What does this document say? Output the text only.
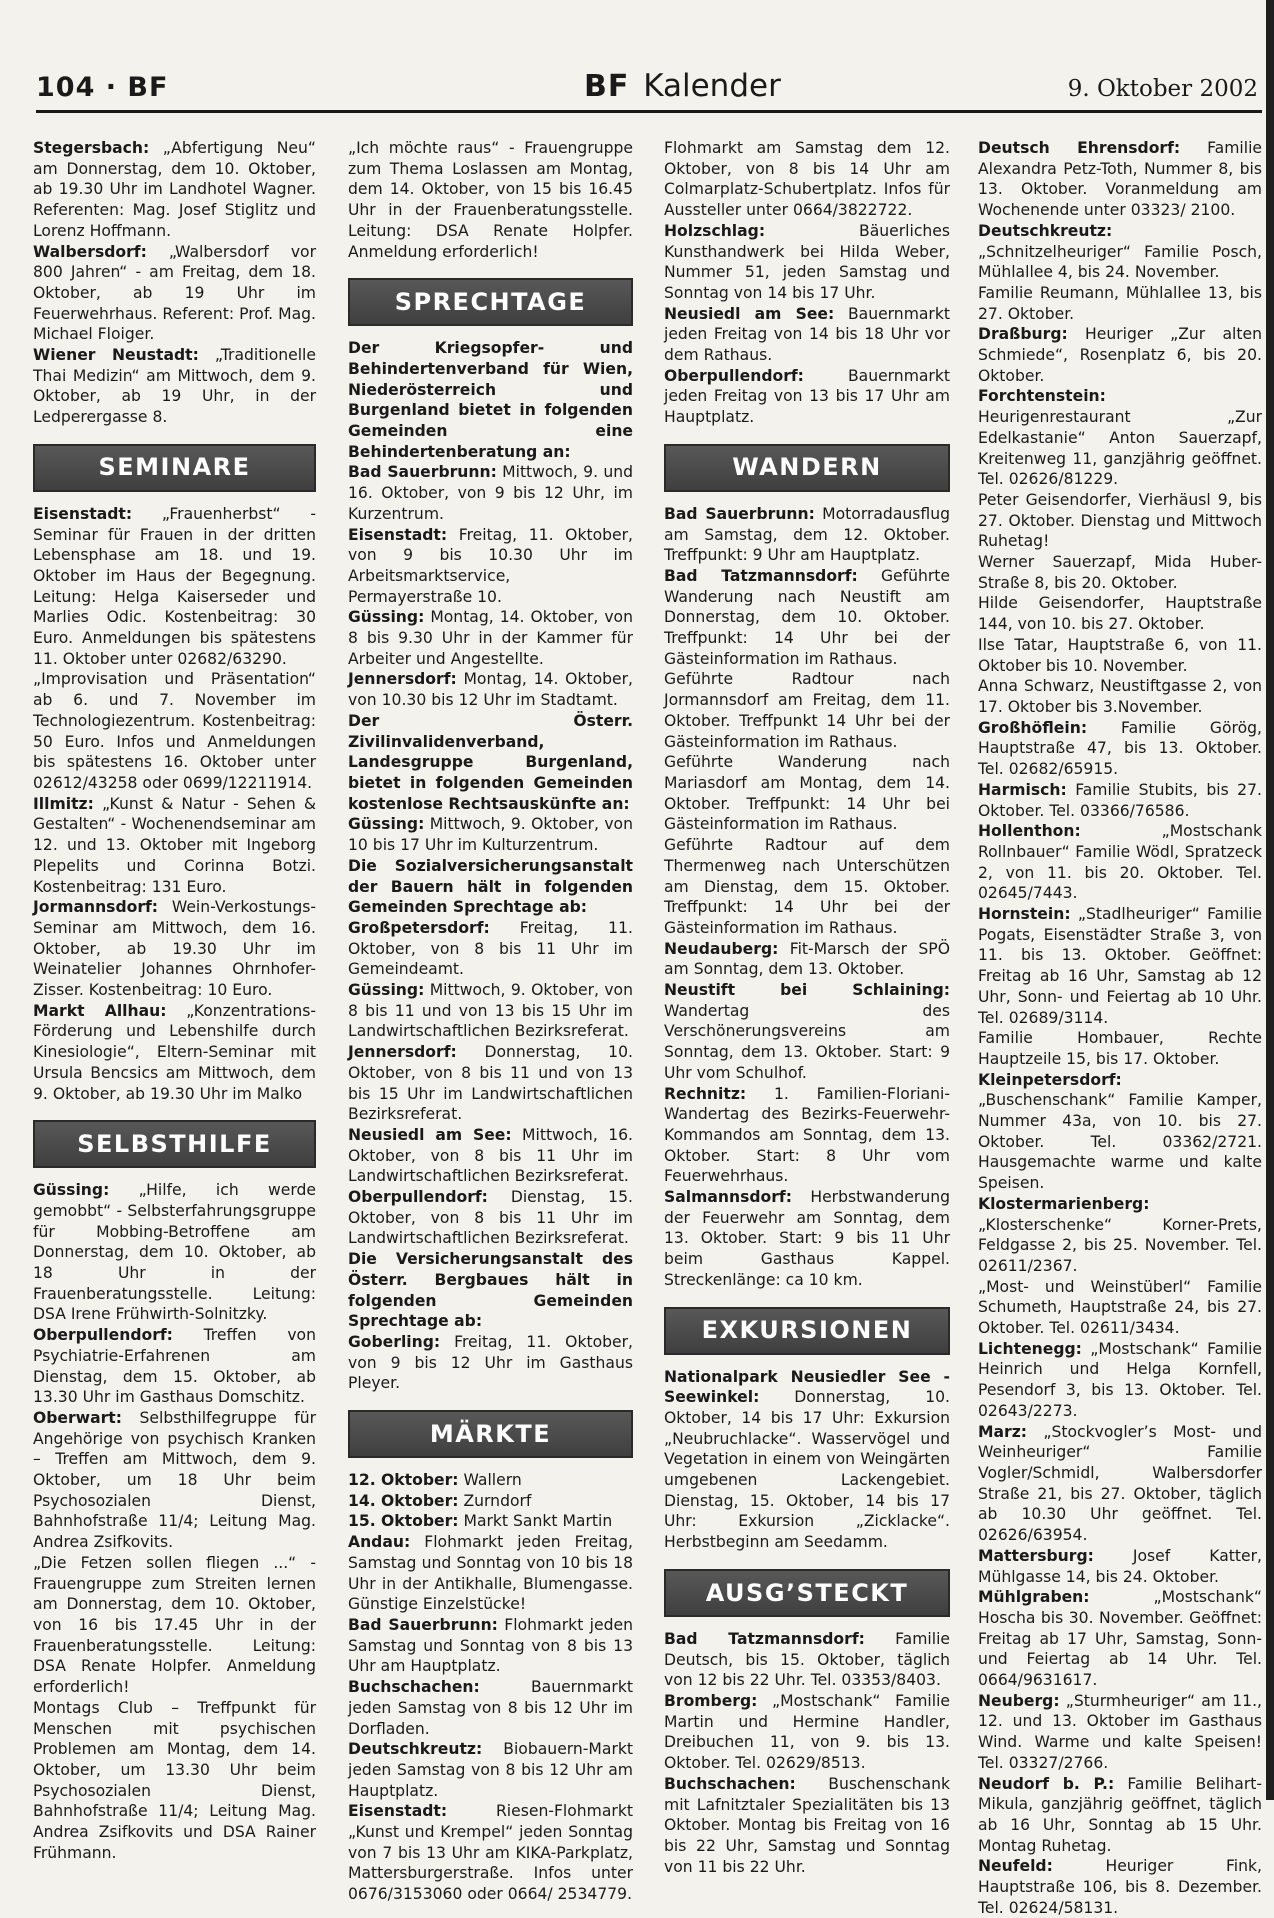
104 · BF	BF Kalender	9. Oktober 2002

Stegersbach: „Abfertigung Neu“ am Donnerstag, dem 10. Oktober, ab 19.30 Uhr im Landhotel Wagner. Referenten: Mag. Josef Stiglitz und Lorenz Hoffmann.

Walbersdorf: „Walbersdorf vor 800 Jahren“ - am Freitag, dem 18. Oktober, ab 19 Uhr im Feuerwehrhaus. Referent: Prof. Mag. Michael Floiger.

Wiener Neustadt: „Traditionelle Thai Medizin“ am Mittwoch, dem 9. Oktober, ab 19 Uhr, in der Ledperergasse 8.

SEMINARE

Eisenstadt: „Frauenherbst“ - Seminar für Frauen in der dritten Lebensphase am 18. und 19. Oktober im Haus der Begegnung. Leitung: Helga Kaiserseder und Marlies Odic. Kostenbeitrag: 30 Euro. Anmeldungen bis spätestens 11. Oktober unter 02682/63290.

„Improvisation und Präsentation“ ab 6. und 7. November im Technologiezentrum. Kostenbeitrag: 50 Euro. Infos und Anmeldungen bis spätestens 16. Oktober unter 02612/43258 oder 0699/12211914.

Illmitz: „Kunst & Natur - Sehen & Gestalten“ - Wochenendseminar am 12. und 13. Oktober mit Ingeborg Plepelits und Corinna Botzi. Kostenbeitrag: 131 Euro.

Jormannsdorf: Wein-Verkostungs-Seminar am Mittwoch, dem 16. Oktober, ab 19.30 Uhr im Weinatelier Johannes Ohrnhofer-Zisser. Kostenbeitrag: 10 Euro.

Markt Allhau: „Konzentrations-Förderung und Lebenshilfe durch Kinesiologie“, Eltern-Seminar mit Ursula Bencsics am Mittwoch, dem 9. Oktober, ab 19.30 Uhr im Malko

SELBSTHILFE

Güssing: „Hilfe, ich werde gemobbt“ - Selbsterfahrungsgruppe für Mobbing-Betroffene am Donnerstag, dem 10. Oktober, ab 18 Uhr in der Frauenberatungsstelle. Leitung: DSA Irene Frühwirth-Solnitzky.

Oberpullendorf: Treffen von Psychiatrie-Erfahrenen am Dienstag, dem 15. Oktober, ab 13.30 Uhr im Gasthaus Domschitz.

Oberwart: Selbsthilfegruppe für Angehörige von psychisch Kranken – Treffen am Mittwoch, dem 9. Oktober, um 18 Uhr beim Psychosozialen Dienst, Bahnhofstraße 11/4; Leitung Mag. Andrea Zsifkovits.

„Die Fetzen sollen fliegen ...“ - Frauengruppe zum Streiten lernen am Donnerstag, dem 10. Oktober, von 16 bis 17.45 Uhr in der Frauenberatungsstelle. Leitung: DSA Renate Holpfer. Anmeldung erforderlich!

Montags Club – Treffpunkt für Menschen mit psychischen Problemen am Montag, dem 14. Oktober, um 13.30 Uhr beim Psychosozialen Dienst, Bahnhofstraße 11/4; Leitung Mag. Andrea Zsifkovits und DSA Rainer Frühmann.

„Ich möchte raus“ - Frauengruppe zum Thema Loslassen am Montag, dem 14. Oktober, von 15 bis 16.45 Uhr in der Frauenberatungsstelle. Leitung: DSA Renate Holpfer. Anmeldung erforderlich!

SPRECHTAGE

Der Kriegsopfer- und Behindertenverband für Wien, Niederösterreich und Burgenland bietet in folgenden Gemeinden eine Behindertenberatung an:

Bad Sauerbrunn: Mittwoch, 9. und 16. Oktober, von 9 bis 12 Uhr, im Kurzentrum.

Eisenstadt: Freitag, 11. Oktober, von 9 bis 10.30 Uhr im Arbeitsmarktservice, Permayerstraße 10.

Güssing: Montag, 14. Oktober, von 8 bis 9.30 Uhr in der Kammer für Arbeiter und Angestellte.

Jennersdorf: Montag, 14. Oktober, von 10.30 bis 12 Uhr im Stadtamt.

Der Österr. Zivilinvalidenverband, Landesgruppe Burgenland, bietet in folgenden Gemeinden kostenlose Rechtsauskünfte an:

Güssing: Mittwoch, 9. Oktober, von 10 bis 17 Uhr im Kulturzentrum.

Die Sozialversicherungsanstalt der Bauern hält in folgenden Gemeinden Sprechtage ab:

Großpetersdorf: Freitag, 11. Oktober, von 8 bis 11 Uhr im Gemeindeamt.

Güssing: Mittwoch, 9. Oktober, von 8 bis 11 und von 13 bis 15 Uhr im Landwirtschaftlichen Bezirksreferat.

Jennersdorf: Donnerstag, 10. Oktober, von 8 bis 11 und von 13 bis 15 Uhr im Landwirtschaftlichen Bezirksreferat.

Neusiedl am See: Mittwoch, 16. Oktober, von 8 bis 11 Uhr im Landwirtschaftlichen Bezirksreferat.

Oberpullendorf: Dienstag, 15. Oktober, von 8 bis 11 Uhr im Landwirtschaftlichen Bezirksreferat.

Die Versicherungsanstalt des Österr. Bergbaues hält in folgenden Gemeinden Sprechtage ab:

Goberling: Freitag, 11. Oktober, von 9 bis 12 Uhr im Gasthaus Pleyer.

MÄRKTE

12. Oktober: Wallern

14. Oktober: Zurndorf

15. Oktober: Markt Sankt Martin

Andau: Flohmarkt jeden Freitag, Samstag und Sonntag von 10 bis 18 Uhr in der Antikhalle, Blumengasse. Günstige Einzelstücke!

Bad Sauerbrunn: Flohmarkt jeden Samstag und Sonntag von 8 bis 13 Uhr am Hauptplatz.

Buchschachen:	Bauernmarkt jeden Samstag von 8 bis 12 Uhr im Dorfladen.

Deutschkreutz: Biobauern-Markt jeden Samstag von 8 bis 12 Uhr am Hauptplatz.

Eisenstadt:	Riesen-Flohmarkt „Kunst und Krempel“ jeden Sonntag von 7 bis 13 Uhr am KIKA-Parkplatz, Mattersburgerstraße. Infos unter 0676/3153060 oder 0664/ 2534779.

Flohmarkt am Samstag dem 12. Oktober, von 8 bis 14 Uhr am Colmarplatz-Schubertplatz. Infos für Aussteller unter 0664/3822722.

Holzschlag:	Bäuerliches Kunsthandwerk bei Hilda Weber, Nummer 51, jeden Samstag und Sonntag von 14 bis 17 Uhr.

Neusiedl am See: Bauernmarkt jeden Freitag von 14 bis 18 Uhr vor dem Rathaus.

Oberpullendorf:	Bauernmarkt jeden Freitag von 13 bis 17 Uhr am Hauptplatz.

WANDERN

Bad Sauerbrunn: Motorradausflug am Samstag, dem 12. Oktober. Treffpunkt: 9 Uhr am Hauptplatz.

Bad Tatzmannsdorf: Geführte Wanderung nach Neustift am Donnerstag, dem 10. Oktober. Treffpunkt: 14 Uhr bei der Gästeinformation im Rathaus.

Geführte Radtour nach Jormannsdorf am Freitag, dem 11. Oktober. Treffpunkt 14 Uhr bei der Gästeinformation im Rathaus.

Geführte Wanderung nach Mariasdorf am Montag, dem 14. Oktober. Treffpunkt: 14 Uhr bei Gästeinformation im Rathaus.

Geführte Radtour auf dem Thermenweg nach Unterschützen am Dienstag, dem 15. Oktober. Treffpunkt: 14 Uhr bei der Gästeinformation im Rathaus.

Neudauberg: Fit-Marsch der SPÖ am Sonntag, dem 13. Oktober.

Neustift bei Schlaining: Wandertag des Verschönerungsvereins am Sonntag, dem 13. Oktober. Start: 9 Uhr vom Schulhof.

Rechnitz: 1. Familien-Floriani-Wandertag des Bezirks-Feuerwehr-Kommandos am Sonntag, dem 13. Oktober. Start: 8 Uhr vom Feuerwehrhaus.

Salmannsdorf: Herbstwanderung der Feuerwehr am Sonntag, dem 13. Oktober. Start: 9 bis 11 Uhr beim Gasthaus Kappel. Streckenlänge: ca 10 km.

EXKURSIONEN

Nationalpark Neusiedler See - Seewinkel: Donnerstag, 10. Oktober, 14 bis 17 Uhr: Exkursion „Neubruchlacke“. Wasservögel und Vegetation in einem von Weingärten umgebenen Lackengebiet. Dienstag, 15. Oktober, 14 bis 17 Uhr: Exkursion „Zicklacke“. Herbstbeginn am Seedamm.

AUSG’STECKT

Bad Tatzmannsdorf: Familie Deutsch, bis 15. Oktober, täglich von 12 bis 22 Uhr. Tel. 03353/8403.

Bromberg: „Mostschank“ Familie Martin und Hermine Handler, Dreibuchen 11, von 9. bis 13. Oktober. Tel. 02629/8513.

Buchschachen: Buschenschank mit Lafnitztaler Spezialitäten bis 13 Oktober. Montag bis Freitag von 16 bis 22 Uhr, Samstag und Sonntag von 11 bis 22 Uhr.

Deutsch Ehrensdorf: Familie Alexandra Petz-Toth, Nummer 8, bis 13. Oktober. Voranmeldung am Wochenende unter 03323/ 2100.

Deutschkreutz: „Schnitzelheuriger“ Familie Posch, Mühlallee 4, bis 24. November.

Familie Reumann, Mühlallee 13, bis 27. Oktober.

Draßburg: Heuriger „Zur alten Schmiede“, Rosenplatz 6, bis 20. Oktober.

Forchtenstein: Heurigenrestaurant „Zur Edelkastanie“ Anton Sauerzapf, Kreitenweg 11, ganzjährig geöffnet. Tel. 02626/81229.

Peter Geisendorfer, Vierhäusl 9, bis 27. Oktober. Dienstag und Mittwoch Ruhetag!

Werner Sauerzapf, Mida Huber-Straße 8, bis 20. Oktober.

Hilde Geisendorfer, Hauptstraße 144, von 10. bis 27. Oktober.

Ilse Tatar, Hauptstraße 6, von 11. Oktober bis 10. November.

Anna Schwarz, Neustiftgasse 2, von 17. Oktober bis 3.November.

Großhöflein: Familie Görög, Hauptstraße 47, bis 13. Oktober. Tel. 02682/65915.

Harmisch: Familie Stubits, bis 27. Oktober. Tel. 03366/76586.

Hollenthon:	„Mostschank Rollnbauer“ Familie Wödl, Spratzeck 2, von 11. bis 20. Oktober. Tel. 02645/7443.

Hornstein: „Stadlheuriger“ Familie Pogats, Eisenstädter Straße 3, von 11. bis 13. Oktober. Geöffnet: Freitag ab 16 Uhr, Samstag ab 12 Uhr, Sonn- und Feiertag ab 10 Uhr. Tel. 02689/3114.

Familie Hombauer, Rechte Hauptzeile 15, bis 17. Oktober.

Kleinpetersdorf: „Buschenschank“ Familie Kamper, Nummer 43a, von 10. bis 27. Oktober. Tel. 03362/2721. Hausgemachte warme und kalte Speisen.

Klostermarienberg: „Klosterschenke“ Korner-Prets, Feldgasse 2, bis 25. November. Tel. 02611/2367.

„Most- und Weinstüberl“ Familie Schumeth, Hauptstraße 24, bis 27. Oktober. Tel. 02611/3434.

Lichtenegg: „Mostschank“ Familie Heinrich und Helga Kornfell, Pesendorf 3, bis 13. Oktober. Tel. 02643/2273.

Marz: „Stockvogler’s Most- und Weinheuriger“ Familie Vogler/Schmidl, Walbersdorfer Straße 21, bis 27. Oktober, täglich ab 10.30 Uhr geöffnet. Tel. 02626/63954.

Mattersburg:	Josef Katter, Mühlgasse 14, bis 24. Oktober.

Mühlgraben:	„Mostschank“ Hoscha bis 30. November. Geöffnet: Freitag ab 17 Uhr, Samstag, Sonn- und Feiertag ab 14 Uhr. Tel. 0664/9631617.

Neuberg: „Sturmheuriger“ am 11., 12. und 13. Oktober im Gasthaus Wind. Warme und kalte Speisen! Tel. 03327/2766.

Neudorf b. P.: Familie Belihart-Mikula, ganzjährig geöffnet, täglich ab 16 Uhr, Sonntag ab 15 Uhr. Montag Ruhetag.

Neufeld:	Heuriger Fink, Hauptstraße 106, bis 8. Dezember. Tel. 02624/58131.
